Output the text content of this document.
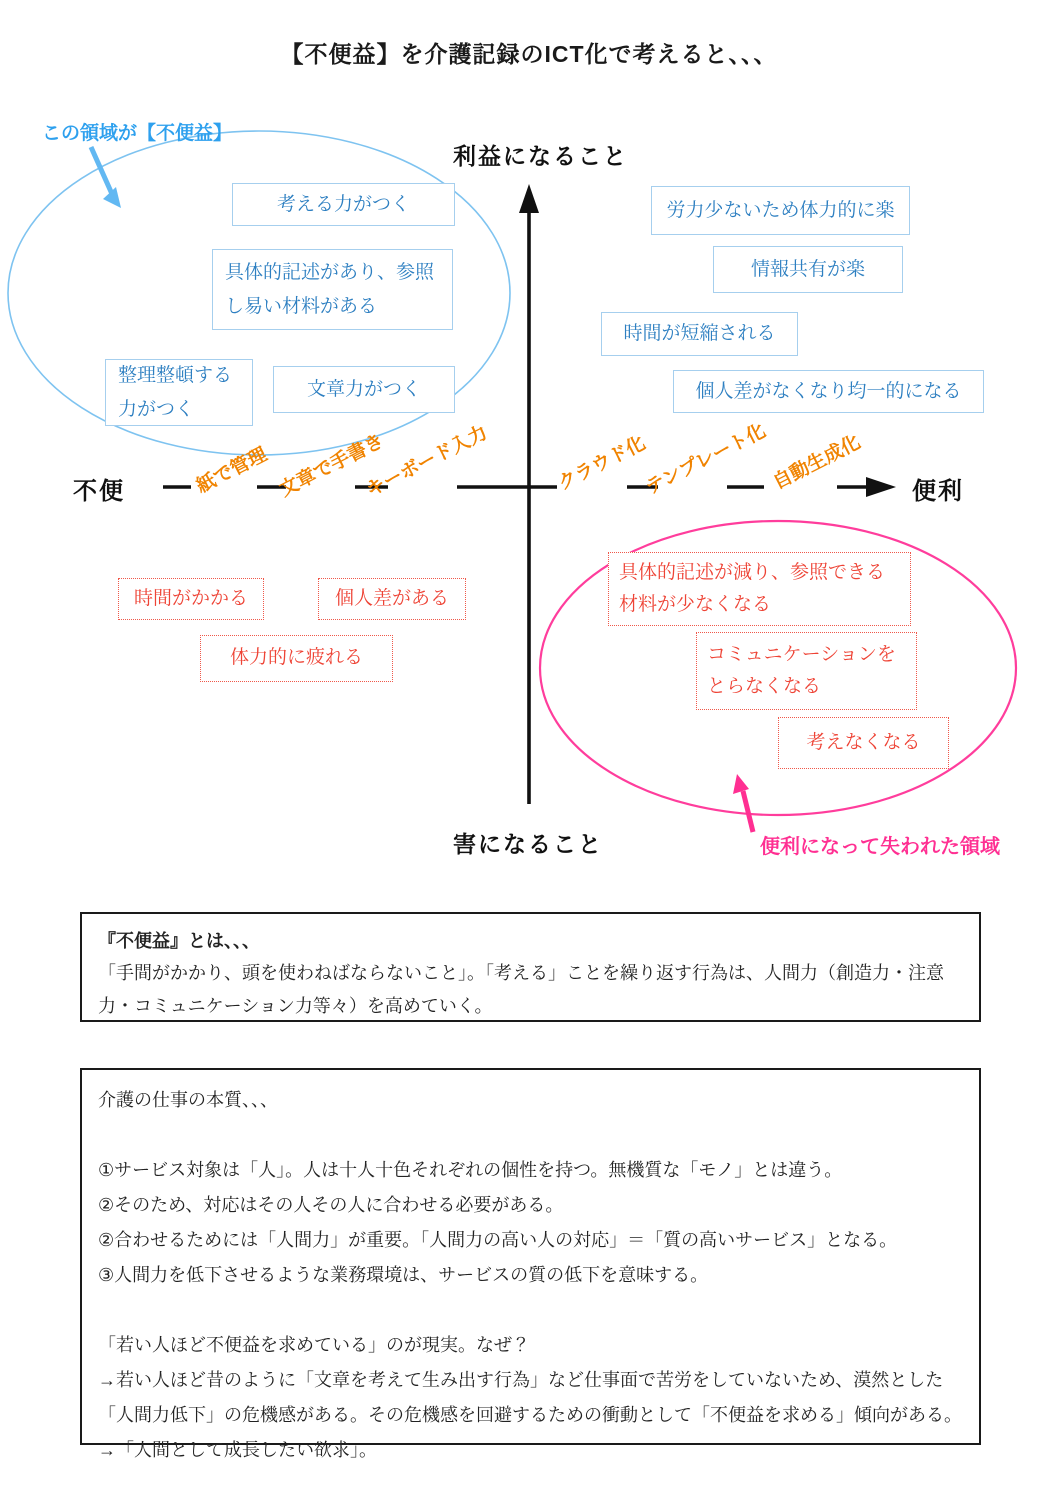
【不便益】を介護記録のICT化で考えると、、、
利益になること
害になること
不便	便利
紙で管理 文章で手書き
キーボード入力	クラウド化
テンプレート化 自動生成化
この領域が【不便益】
便利になって失われた領域
考える力がつく
具体的記述があり、参照し易い材料がある
整理整頓する力がつく
文章力がつく
労力少ないため体力的に楽
情報共有が楽
時間が短縮される
個人差がなくなり均一的になる
時間がかかる	個人差がある
体力的に疲れる
具体的記述が減り、参照できる材料が少なくなる
コミュニケーションをとらなくなる
考えなくなる
『不便益』とは、、、
「手間がかかり、頭を使わねばならないこと」。「考える」ことを繰り返す行為は、人間力（創造力・注意力・コミュニケーション力等々）を高めていく。
介護の仕事の本質、、、
①サービス対象は「人」。人は十人十色それぞれの個性を持つ。無機質な「モノ」とは違う。
②そのため、対応はその人その人に合わせる必要がある。
②合わせるためには「人間力」が重要。「人間力の高い人の対応」＝「質の高いサービス」となる。
③人間力を低下させるような業務環境は、サービスの質の低下を意味する。
「若い人ほど不便益を求めている」のが現実。なぜ？
→若い人ほど昔のように「文章を考えて生み出す行為」など仕事面で苦労をしていないため、漠然とした「人間力低下」の危機感がある。その危機感を回避するための衝動として「不便益を求める」傾向がある。→「人間として成長したい欲求」。
